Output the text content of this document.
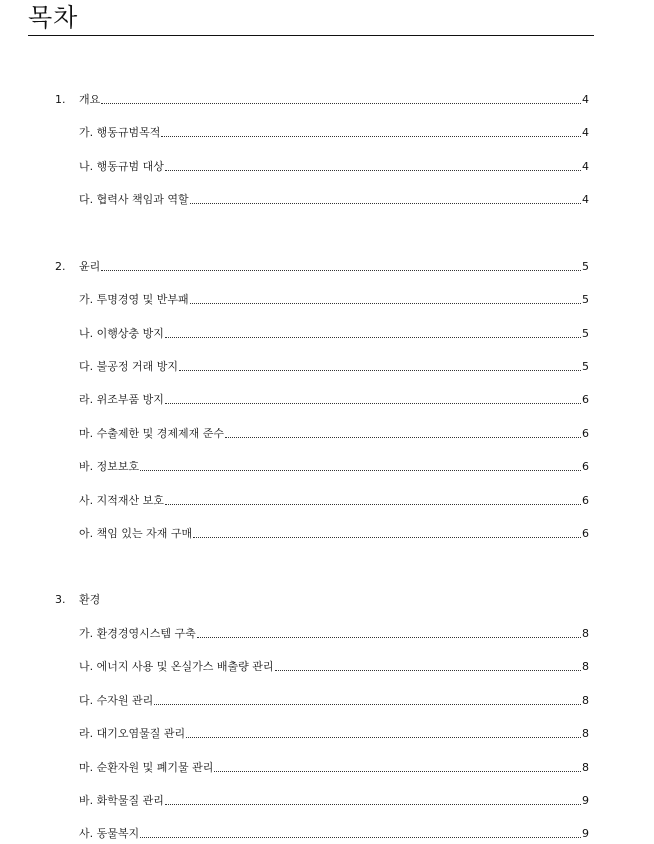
목차
1.	개요	4
가. 행동규범목적	4
나. 행동규범 대상	4
다. 협력사 책임과 역할	4
2.	윤리	5
가. 투명경영 및 반부패	5
나. 이행상충 방지	5
다. 불공정 거래 방지	5
라. 위조부품 방지	6
마. 수출제한 및 경제제재 준수	6
바. 정보보호	6
사. 지적재산 보호	6
아. 책임 있는 자재 구매	6
3.	환경
가. 환경경영시스템 구축	8
나. 에너지 사용 및 온실가스 배출량 관리	8
다. 수자원 관리	8
라. 대기오염물질 관리	8
마. 순환자원 및 폐기물 관리	8
바. 화학물질 관리	9
사. 동물복지	9
